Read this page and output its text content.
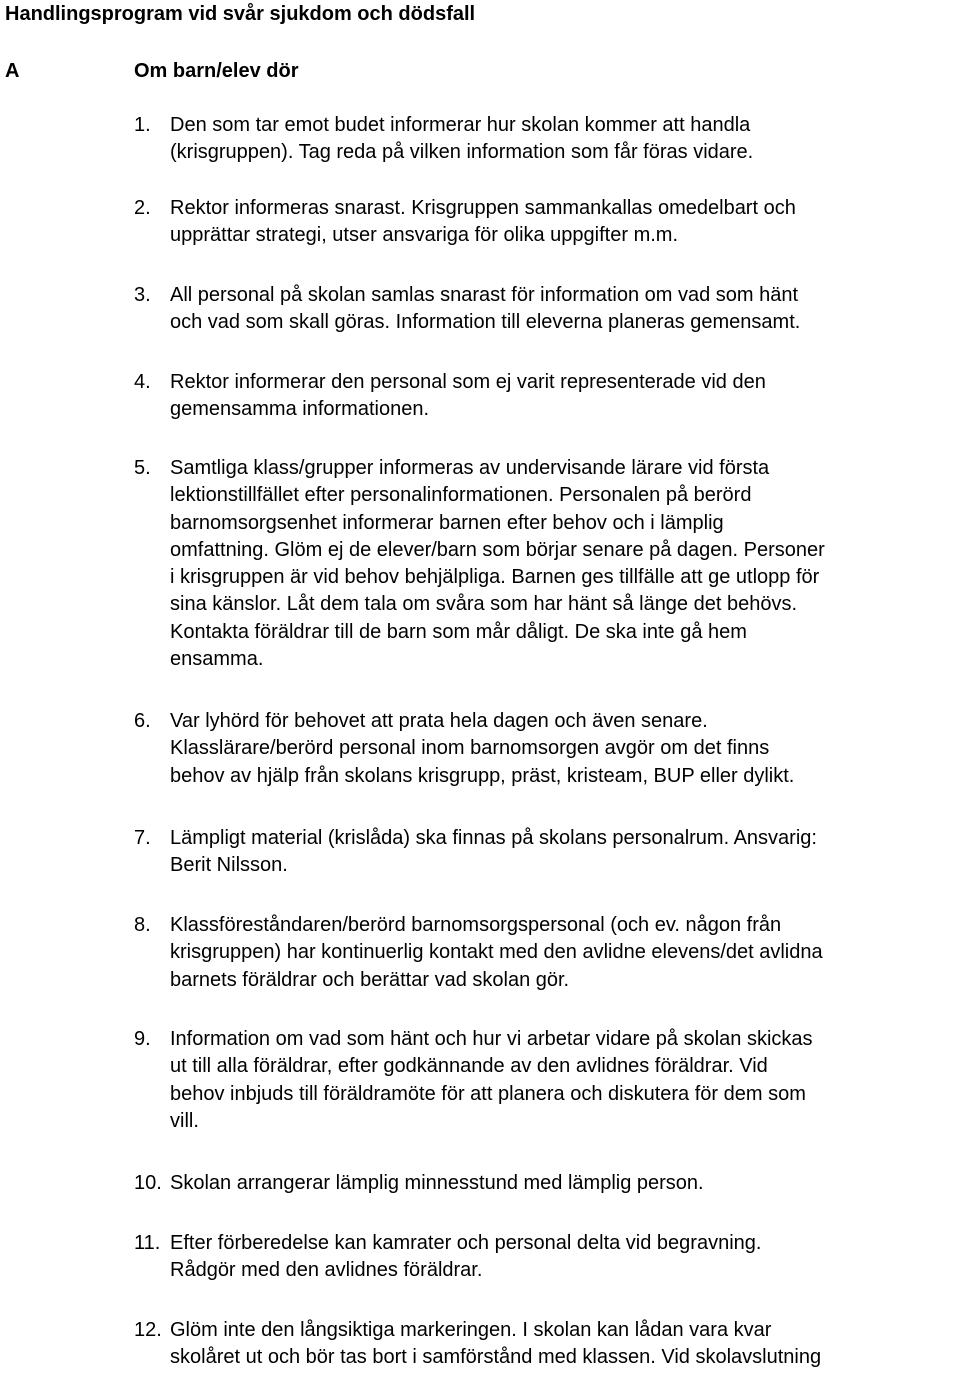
Handlingsprogram vid svår sjukdom och dödsfall
A	Om barn/elev dör
1. Den som tar emot budet informerar hur skolan kommer att handla
(krisgruppen). Tag reda på vilken information som får föras vidare.
2. Rektor informeras snarast. Krisgruppen sammankallas omedelbart och
upprättar strategi, utser ansvariga för olika uppgifter m.m.
3. All personal på skolan samlas snarast för information om vad som hänt
och vad som skall göras. Information till eleverna planeras gemensamt.
4. Rektor informerar den personal som ej varit representerade vid den
gemensamma informationen.
5. Samtliga klass/grupper informeras av undervisande lärare vid första
lektionstillfället efter personalinformationen. Personalen på berörd
barnomsorgsenhet informerar barnen efter behov och i lämplig
omfattning. Glöm ej de elever/barn som börjar senare på dagen. Personer
i krisgruppen är vid behov behjälpliga. Barnen ges tillfälle att ge utlopp för
sina känslor. Låt dem tala om svåra som har hänt så länge det behövs.
Kontakta föräldrar till de barn som mår dåligt. De ska inte gå hem
ensamma.
6. Var lyhörd för behovet att prata hela dagen och även senare.
Klasslärare/berörd personal inom barnomsorgen avgör om det finns
behov av hjälp från skolans krisgrupp, präst, kristeam, BUP eller dylikt.
7. Lämpligt material (krislåda) ska finnas på skolans personalrum. Ansvarig:
Berit Nilsson.
8. Klassföreståndaren/berörd barnomsorgspersonal (och ev. någon från
krisgruppen) har kontinuerlig kontakt med den avlidne elevens/det avlidna
barnets föräldrar och berättar vad skolan gör.
9. Information om vad som hänt och hur vi arbetar vidare på skolan skickas
ut till alla föräldrar, efter godkännande av den avlidnes föräldrar. Vid
behov inbjuds till föräldramöte för att planera och diskutera för dem som
vill.
10. Skolan arrangerar lämplig minnesstund med lämplig person.
11. Efter förberedelse kan kamrater och personal delta vid begravning.
Rådgör med den avlidnes föräldrar.
12. Glöm inte den långsiktiga markeringen. I skolan kan lådan vara kvar
skolåret ut och bör tas bort i samförstånd med klassen. Vid skolavslutning
